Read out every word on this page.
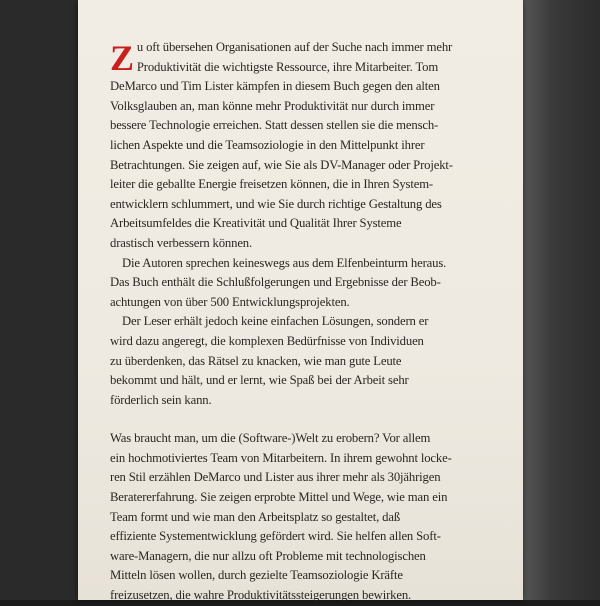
Z u oft übersehen Organisationen auf der Suche nach immer mehr
Produktivität die wichtigste Ressource, ihre Mitarbeiter. Tom
DeMarco und Tim Lister kämpfen in diesem Buch gegen den alten
Volksglauben an, man könne mehr Produktivität nur durch immer
bessere Technologie erreichen. Statt dessen stellen sie die mensch-
lichen Aspekte und die Teamsoziologie in den Mittelpunkt ihrer
Betrachtungen. Sie zeigen auf, wie Sie als DV-Manager oder Projekt-
leiter die geballte Energie freisetzen können, die in Ihren System-
entwicklern schlummert, und wie Sie durch richtige Gestaltung des
Arbeitsumfeldes die Kreativität und Qualität Ihrer Systeme
drastisch verbessern können.
Die Autoren sprechen keineswegs aus dem Elfenbeinturm heraus.
Das Buch enthält die Schlußfolgerungen und Ergebnisse der Beob-
achtungen von über 500 Entwicklungsprojekten.
Der Leser erhält jedoch keine einfachen Lösungen, sondern er
wird dazu angeregt, die komplexen Bedürfnisse von Individuen
zu überdenken, das Rätsel zu knacken, wie man gute Leute
bekommt und hält, und er lernt, wie Spaß bei der Arbeit sehr
förderlich sein kann.
Was braucht man, um die (Software-)Welt zu erobern? Vor allem
ein hochmotiviertes Team von Mitarbeitern. In ihrem gewohnt locke-
ren Stil erzählen DeMarco und Lister aus ihrer mehr als 30jährigen
Beratererfahrung. Sie zeigen erprobte Mittel und Wege, wie man ein
Team formt und wie man den Arbeitsplatz so gestaltet, daß
effiziente Systementwicklung gefördert wird. Sie helfen allen Soft-
ware-Managern, die nur allzu oft Probleme mit technologischen
Mitteln lösen wollen, durch gezielte Teamsoziologie Kräfte
freizusetzen, die wahre Produktivitätssteigerungen bewirken.
